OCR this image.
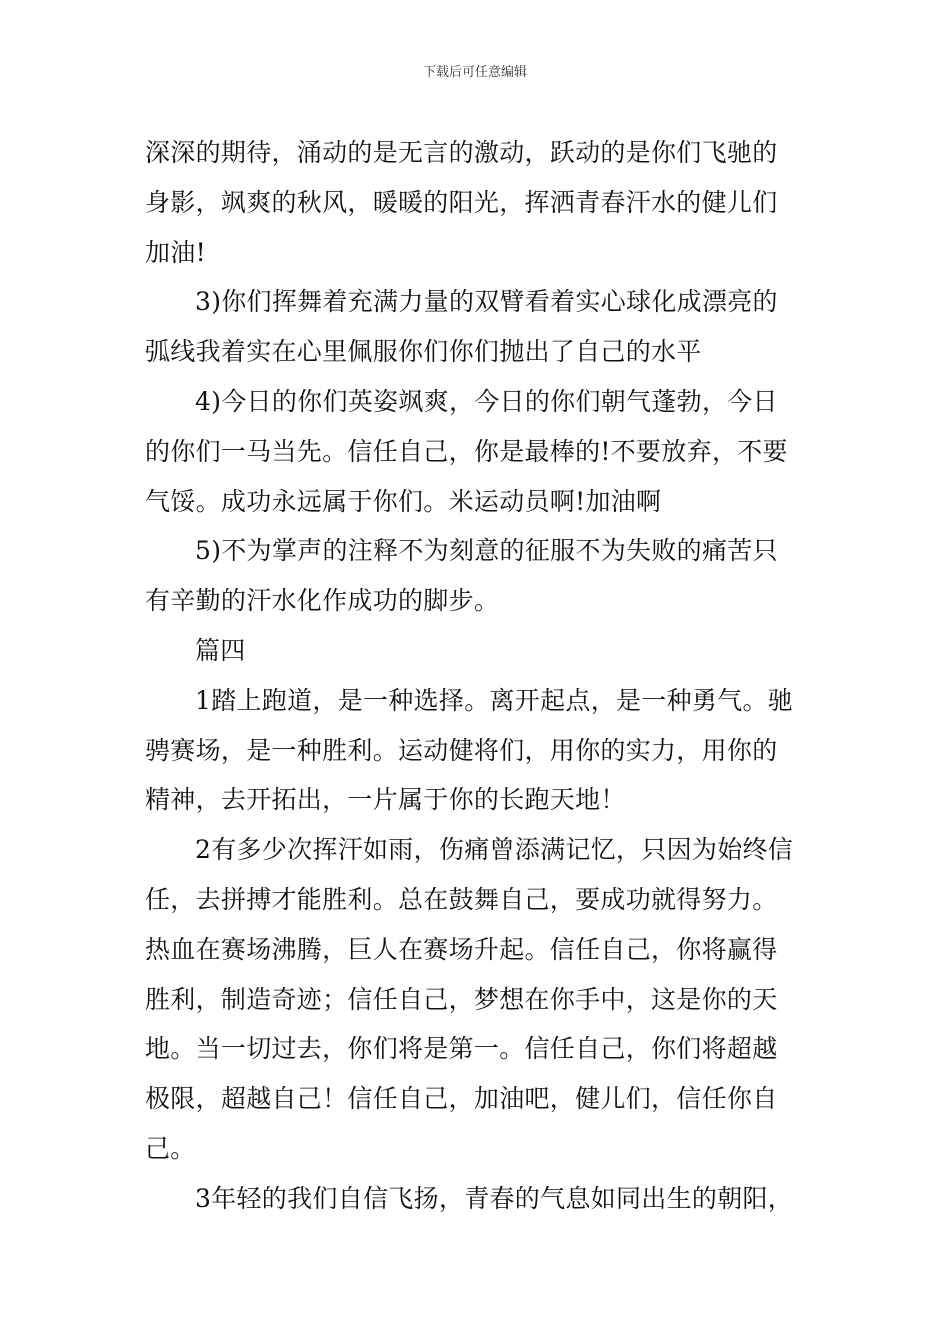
下载后可任意编辑
深深的期待，涌动的是无言的激动，跃动的是你们飞驰的
身影，飒爽的秋风，暖暖的阳光，挥洒青春汗水的健儿们
加油!
3)你们挥舞着充满力量的双臂看着实心球化成漂亮的
弧线我着实在心里佩服你们你们抛出了自己的水平
4)今日的你们英姿飒爽，今日的你们朝气蓬勃，今日
的你们一马当先。信任自己，你是最棒的!不要放弃，不要
气馁。成功永远属于你们。米运动员啊!加油啊
5)不为掌声的注释不为刻意的征服不为失败的痛苦只
有辛勤的汗水化作成功的脚步。
篇四
1踏上跑道，是一种选择。离开起点，是一种勇气。驰
骋赛场，是一种胜利。运动健将们，用你的实力，用你的
精神，去开拓出，一片属于你的长跑天地！
2有多少次挥汗如雨，伤痛曾添满记忆，只因为始终信
任，去拼搏才能胜利。总在鼓舞自己，要成功就得努力。
热血在赛场沸腾，巨人在赛场升起。信任自己，你将赢得
胜利，制造奇迹；信任自己，梦想在你手中，这是你的天
地。当一切过去，你们将是第一。信任自己，你们将超越
极限，超越自己！信任自己，加油吧，健儿们，信任你自
己。
3年轻的我们自信飞扬，青春的气息如同出生的朝阳，
